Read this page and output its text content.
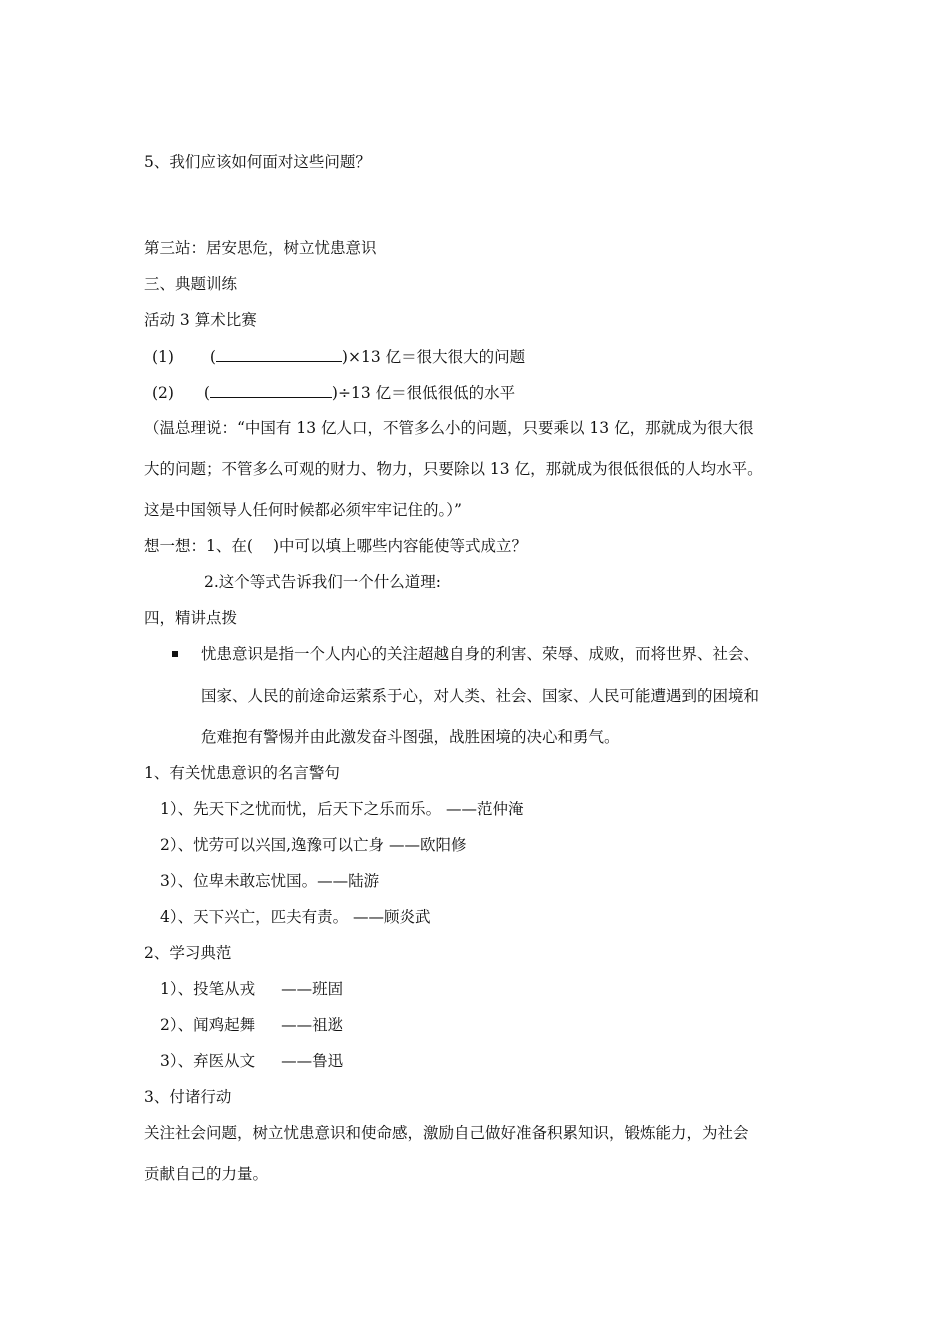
5、我们应该如何面对这些问题？
第三站：居安思危，树立忧患意识
三、典题训练
活动 3 算术比赛
(1) (	)×13 亿＝很大很大的问题
(2) (	)÷13 亿＝很低很低的水平
（温总理说：“中国有 13 亿人口，不管多么小的问题，只要乘以 13 亿，那就成为很大很
大的问题；不管多么可观的财力、物力，只要除以 13 亿，那就成为很低很低的人均水平。
这是中国领导人任何时候都必须牢牢记住的。）”
想一想：1、在( )中可以填上哪些内容能使等式成立？
2.这个等式告诉我们一个什么道理:
四，精讲点拨
忧患意识是指一个人内心的关注超越自身的利害、荣辱、成败，而将世界、社会、
国家、人民的前途命运萦系于心，对人类、社会、国家、人民可能遭遇到的困境和
危难抱有警惕并由此激发奋斗图强，战胜困境的决心和勇气。
1、有关忧患意识的名言警句
1）、先天下之忧而忧，后天下之乐而乐。 ——范仲淹
2）、忧劳可以兴国,逸豫可以亡身 ——欧阳修
3）、位卑未敢忘忧国。——陆游
4）、天下兴亡，匹夫有责。 ——顾炎武
2、学习典范
1）、投笔从戎 ——班固
2）、闻鸡起舞 ——祖逖
3）、弃医从文 ——鲁迅
3、付诸行动
关注社会问题，树立忧患意识和使命感，激励自己做好准备积累知识，锻炼能力，为社会
贡献自己的力量。
